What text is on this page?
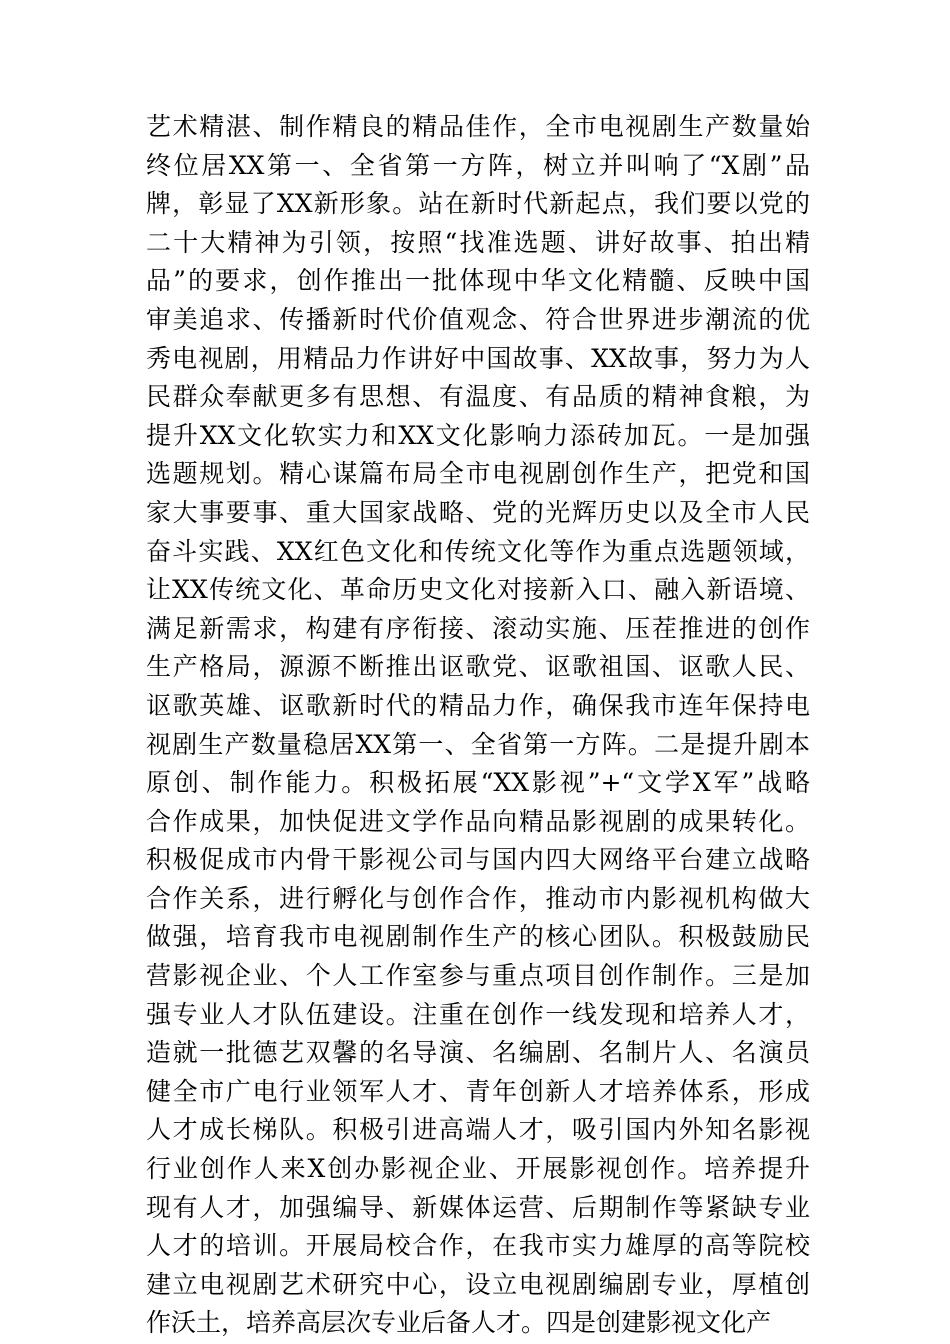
艺术精湛、制作精良的精品佳作，全市电视剧生产数量始
终位居XX第一、全省第一方阵，树立并叫响了“X剧”品
牌，彰显了XX新形象。站在新时代新起点，我们要以党的
二十大精神为引领，按照“找准选题、讲好故事、拍出精
品”的要求，创作推出一批体现中华文化精髓、反映中国
审美追求、传播新时代价值观念、符合世界进步潮流的优
秀电视剧，用精品力作讲好中国故事、XX故事，努力为人
民群众奉献更多有思想、有温度、有品质的精神食粮，为
提升XX文化软实力和XX文化影响力添砖加瓦。一是加强
选题规划。精心谋篇布局全市电视剧创作生产，把党和国
家大事要事、重大国家战略、党的光辉历史以及全市人民
奋斗实践、XX红色文化和传统文化等作为重点选题领域，
让XX传统文化、革命历史文化对接新入口、融入新语境、
满足新需求，构建有序衔接、滚动实施、压茬推进的创作
生产格局，源源不断推出讴歌党、讴歌祖国、讴歌人民、
讴歌英雄、讴歌新时代的精品力作，确保我市连年保持电
视剧生产数量稳居XX第一、全省第一方阵。二是提升剧本
原创、制作能力。积极拓展“XX影视”+“文学X军”战略
合作成果，加快促进文学作品向精品影视剧的成果转化。
积极促成市内骨干影视公司与国内四大网络平台建立战略
合作关系，进行孵化与创作合作，推动市内影视机构做大
做强，培育我市电视剧制作生产的核心团队。积极鼓励民
营影视企业、个人工作室参与重点项目创作制作。三是加
强专业人才队伍建设。注重在创作一线发现和培养人才，
造就一批德艺双馨的名导演、名编剧、名制片人、名演员
健全市广电行业领军人才、青年创新人才培养体系，形成
人才成长梯队。积极引进高端人才，吸引国内外知名影视
行业创作人来X创办影视企业、开展影视创作。培养提升
现有人才，加强编导、新媒体运营、后期制作等紧缺专业
人才的培训。开展局校合作，在我市实力雄厚的高等院校
建立电视剧艺术研究中心，设立电视剧编剧专业，厚植创
作沃土，培养高层次专业后备人才。四是创建影视文化产
